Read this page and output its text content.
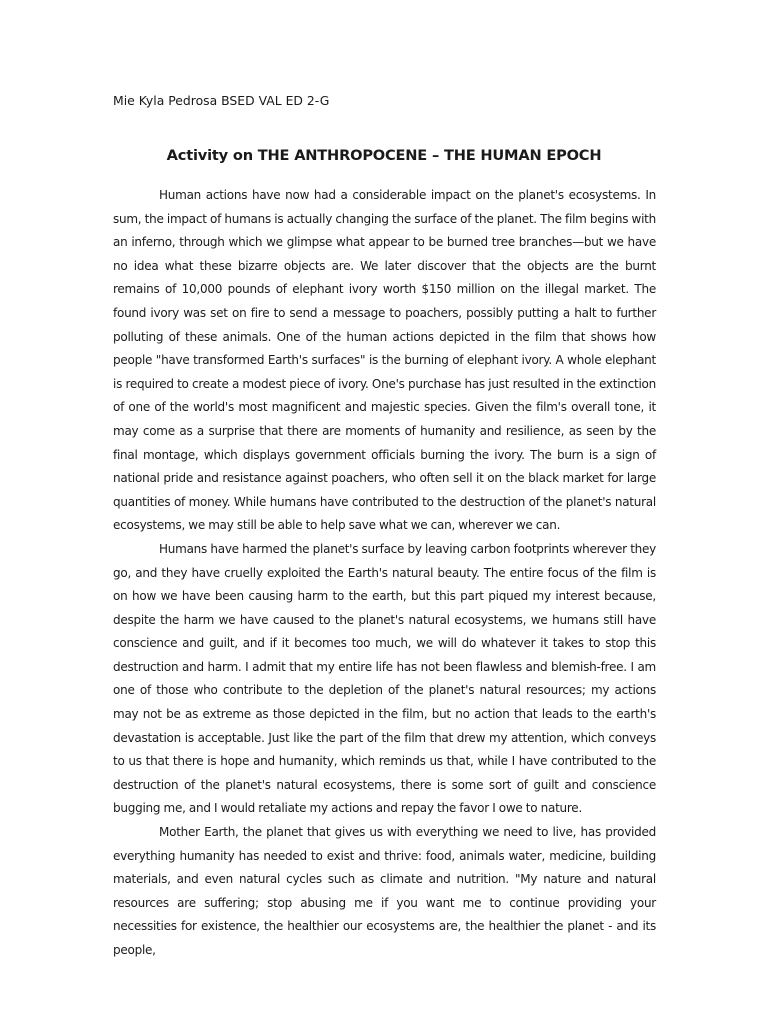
Mie Kyla Pedrosa BSED VAL ED 2-G
Activity on THE ANTHROPOCENE – THE HUMAN EPOCH

Human actions have now had a considerable impact on the planet's ecosystems. In sum, the impact of humans is actually changing the surface of the planet. The film begins with an inferno, through which we glimpse what appear to be burned tree branches—but we have no idea what these bizarre objects are. We later discover that the objects are the burnt remains of 10,000 pounds of elephant ivory worth $150 million on the illegal market. The found ivory was set on fire to send a message to poachers, possibly putting a halt to further polluting of these animals. One of the human actions depicted in the film that shows how people "have transformed Earth's surfaces" is the burning of elephant ivory. A whole elephant is required to create a modest piece of ivory. One's purchase has just resulted in the extinction of one of the world's most magnificent and majestic species. Given the film's overall tone, it may come as a surprise that there are moments of humanity and resilience, as seen by the final montage, which displays government officials burning the ivory. The burn is a sign of national pride and resistance against poachers, who often sell it on the black market for large quantities of money. While humans have contributed to the destruction of the planet's natural ecosystems, we may still be able to help save what we can, wherever we can.

Humans have harmed the planet's surface by leaving carbon footprints wherever they go, and they have cruelly exploited the Earth's natural beauty. The entire focus of the film is on how we have been causing harm to the earth, but this part piqued my interest because, despite the harm we have caused to the planet's natural ecosystems, we humans still have conscience and guilt, and if it becomes too much, we will do whatever it takes to stop this destruction and harm. I admit that my entire life has not been flawless and blemish-free. I am one of those who contribute to the depletion of the planet's natural resources; my actions may not be as extreme as those depicted in the film, but no action that leads to the earth's devastation is acceptable. Just like the part of the film that drew my attention, which conveys to us that there is hope and humanity, which reminds us that, while I have contributed to the destruction of the planet's natural ecosystems, there is some sort of guilt and conscience bugging me, and I would retaliate my actions and repay the favor I owe to nature.

Mother Earth, the planet that gives us with everything we need to live, has provided everything humanity has needed to exist and thrive: food, animals water, medicine, building materials, and even natural cycles such as climate and nutrition. "My nature and natural resources are suffering; stop abusing me if you want me to continue providing your necessities for existence, the healthier our ecosystems are, the healthier the planet - and its people,
